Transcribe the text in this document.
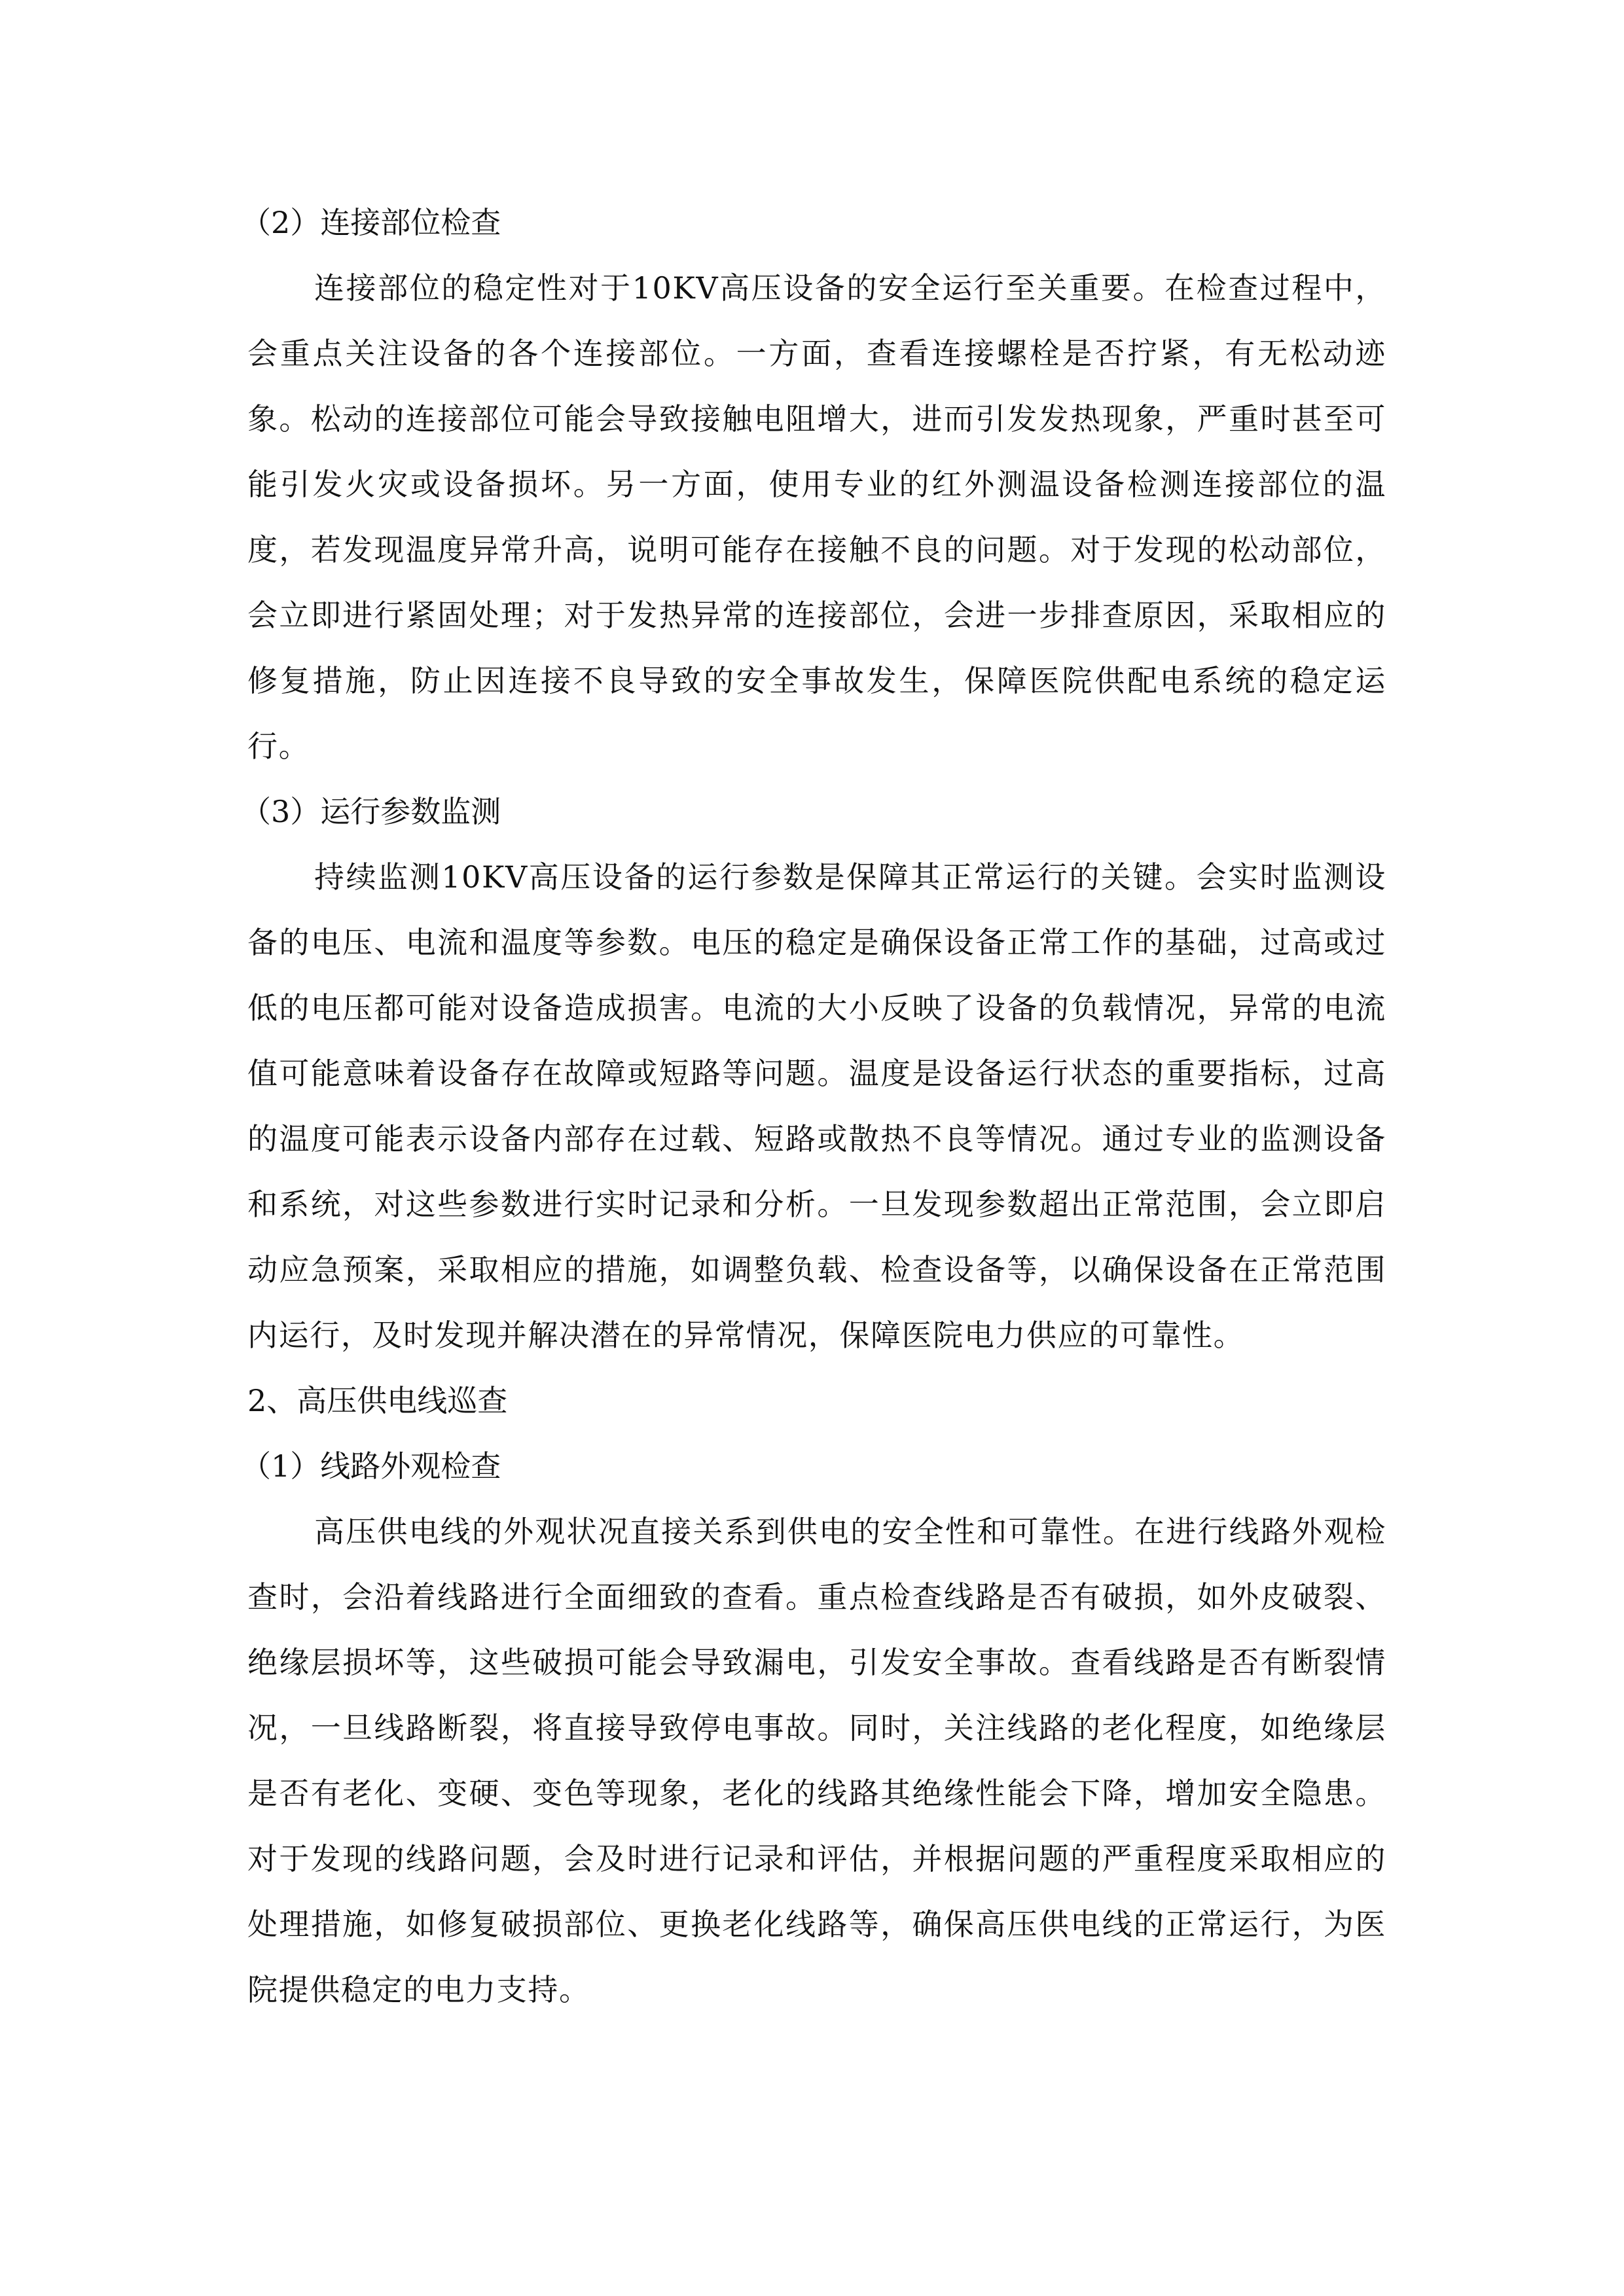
（2）连接部位检查

连接部位的稳定性对于10KV高压设备的安全运行至关重要。在检查过程中，会重点关注设备的各个连接部位。一方面，查看连接螺栓是否拧紧，有无松动迹象。松动的连接部位可能会导致接触电阻增大，进而引发发热现象，严重时甚至可能引发火灾或设备损坏。另一方面，使用专业的红外测温设备检测连接部位的温度，若发现温度异常升高，说明可能存在接触不良的问题。对于发现的松动部位，会立即进行紧固处理；对于发热异常的连接部位，会进一步排查原因，采取相应的修复措施，防止因连接不良导致的安全事故发生，保障医院供配电系统的稳定运行。

（3）运行参数监测

持续监测10KV高压设备的运行参数是保障其正常运行的关键。会实时监测设备的电压、电流和温度等参数。电压的稳定是确保设备正常工作的基础，过高或过低的电压都可能对设备造成损害。电流的大小反映了设备的负载情况，异常的电流值可能意味着设备存在故障或短路等问题。温度是设备运行状态的重要指标，过高的温度可能表示设备内部存在过载、短路或散热不良等情况。通过专业的监测设备和系统，对这些参数进行实时记录和分析。一旦发现参数超出正常范围，会立即启动应急预案，采取相应的措施，如调整负载、检查设备等，以确保设备在正常范围内运行，及时发现并解决潜在的异常情况，保障医院电力供应的可靠性。

2、高压供电线巡查

（1）线路外观检查

高压供电线的外观状况直接关系到供电的安全性和可靠性。在进行线路外观检查时，会沿着线路进行全面细致的查看。重点检查线路是否有破损，如外皮破裂、绝缘层损坏等，这些破损可能会导致漏电，引发安全事故。查看线路是否有断裂情况，一旦线路断裂，将直接导致停电事故。同时，关注线路的老化程度，如绝缘层是否有老化、变硬、变色等现象，老化的线路其绝缘性能会下降，增加安全隐患。对于发现的线路问题，会及时进行记录和评估，并根据问题的严重程度采取相应的处理措施，如修复破损部位、更换老化线路等，确保高压供电线的正常运行，为医院提供稳定的电力支持。
